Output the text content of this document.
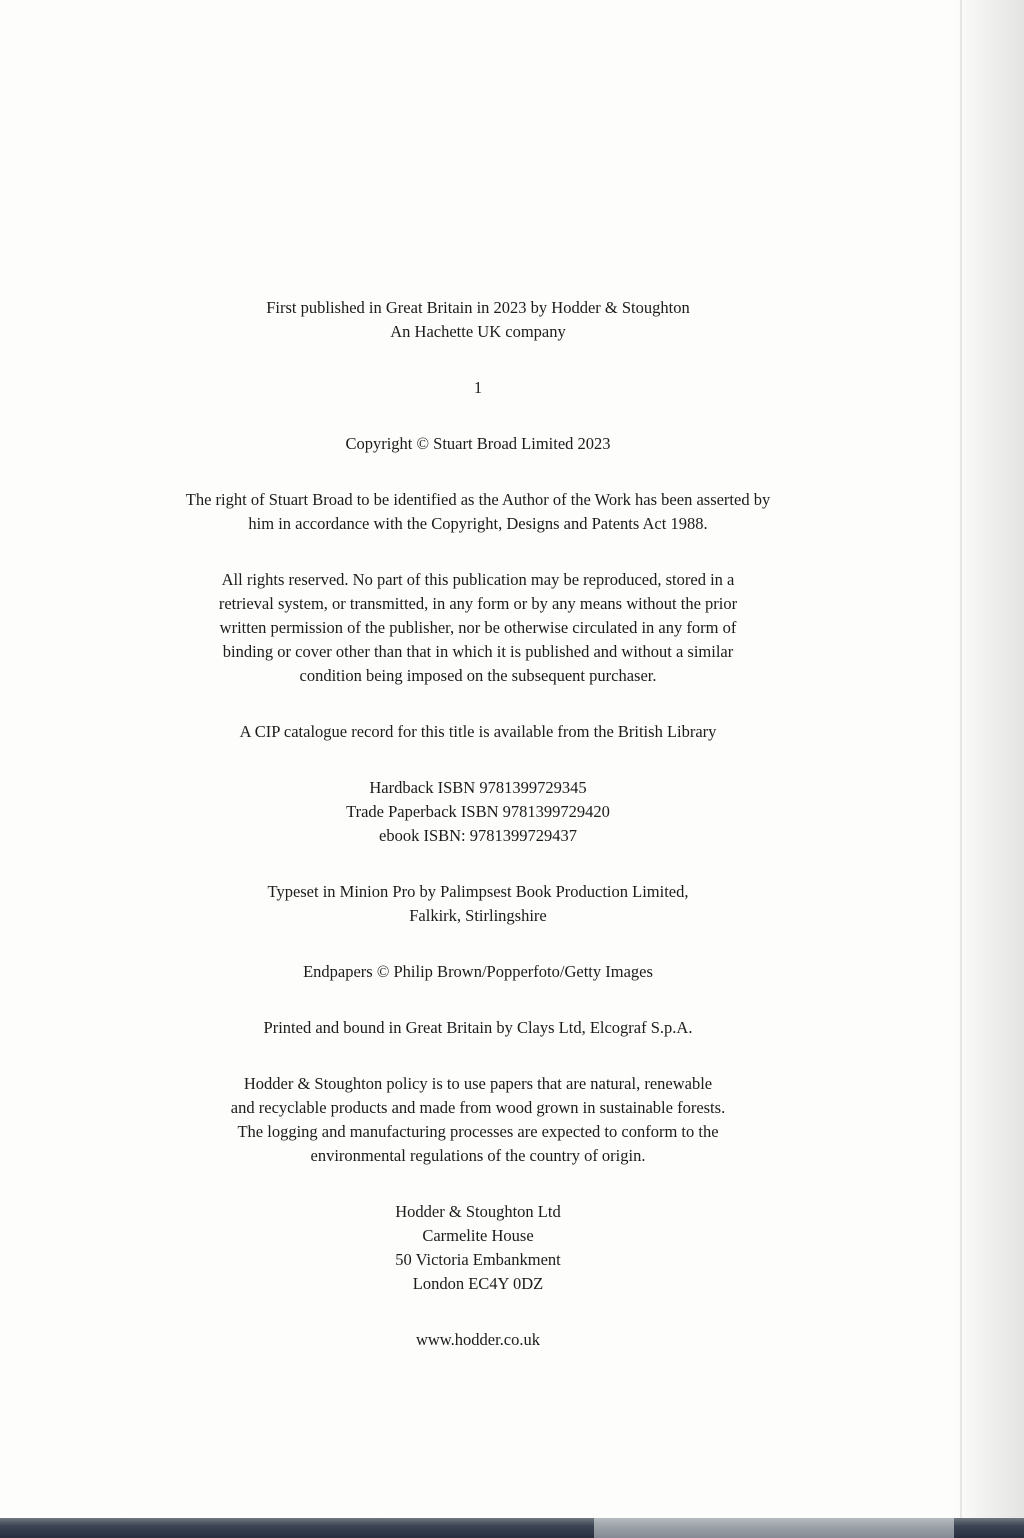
First published in Great Britain in 2023 by Hodder & Stoughton
An Hachette UK company

1

Copyright © Stuart Broad Limited 2023

The right of Stuart Broad to be identified as the Author of the Work has been asserted by
him in accordance with the Copyright, Designs and Patents Act 1988.

All rights reserved. No part of this publication may be reproduced, stored in a
retrieval system, or transmitted, in any form or by any means without the prior
written permission of the publisher, nor be otherwise circulated in any form of
binding or cover other than that in which it is published and without a similar
condition being imposed on the subsequent purchaser.

A CIP catalogue record for this title is available from the British Library

Hardback ISBN 9781399729345
Trade Paperback ISBN 9781399729420
ebook ISBN: 9781399729437

Typeset in Minion Pro by Palimpsest Book Production Limited,
Falkirk, Stirlingshire

Endpapers © Philip Brown/Popperfoto/Getty Images

Printed and bound in Great Britain by Clays Ltd, Elcograf S.p.A.

Hodder & Stoughton policy is to use papers that are natural, renewable
and recyclable products and made from wood grown in sustainable forests.
The logging and manufacturing processes are expected to conform to the
environmental regulations of the country of origin.

Hodder & Stoughton Ltd
Carmelite House
50 Victoria Embankment
London EC4Y 0DZ

www.hodder.co.uk
